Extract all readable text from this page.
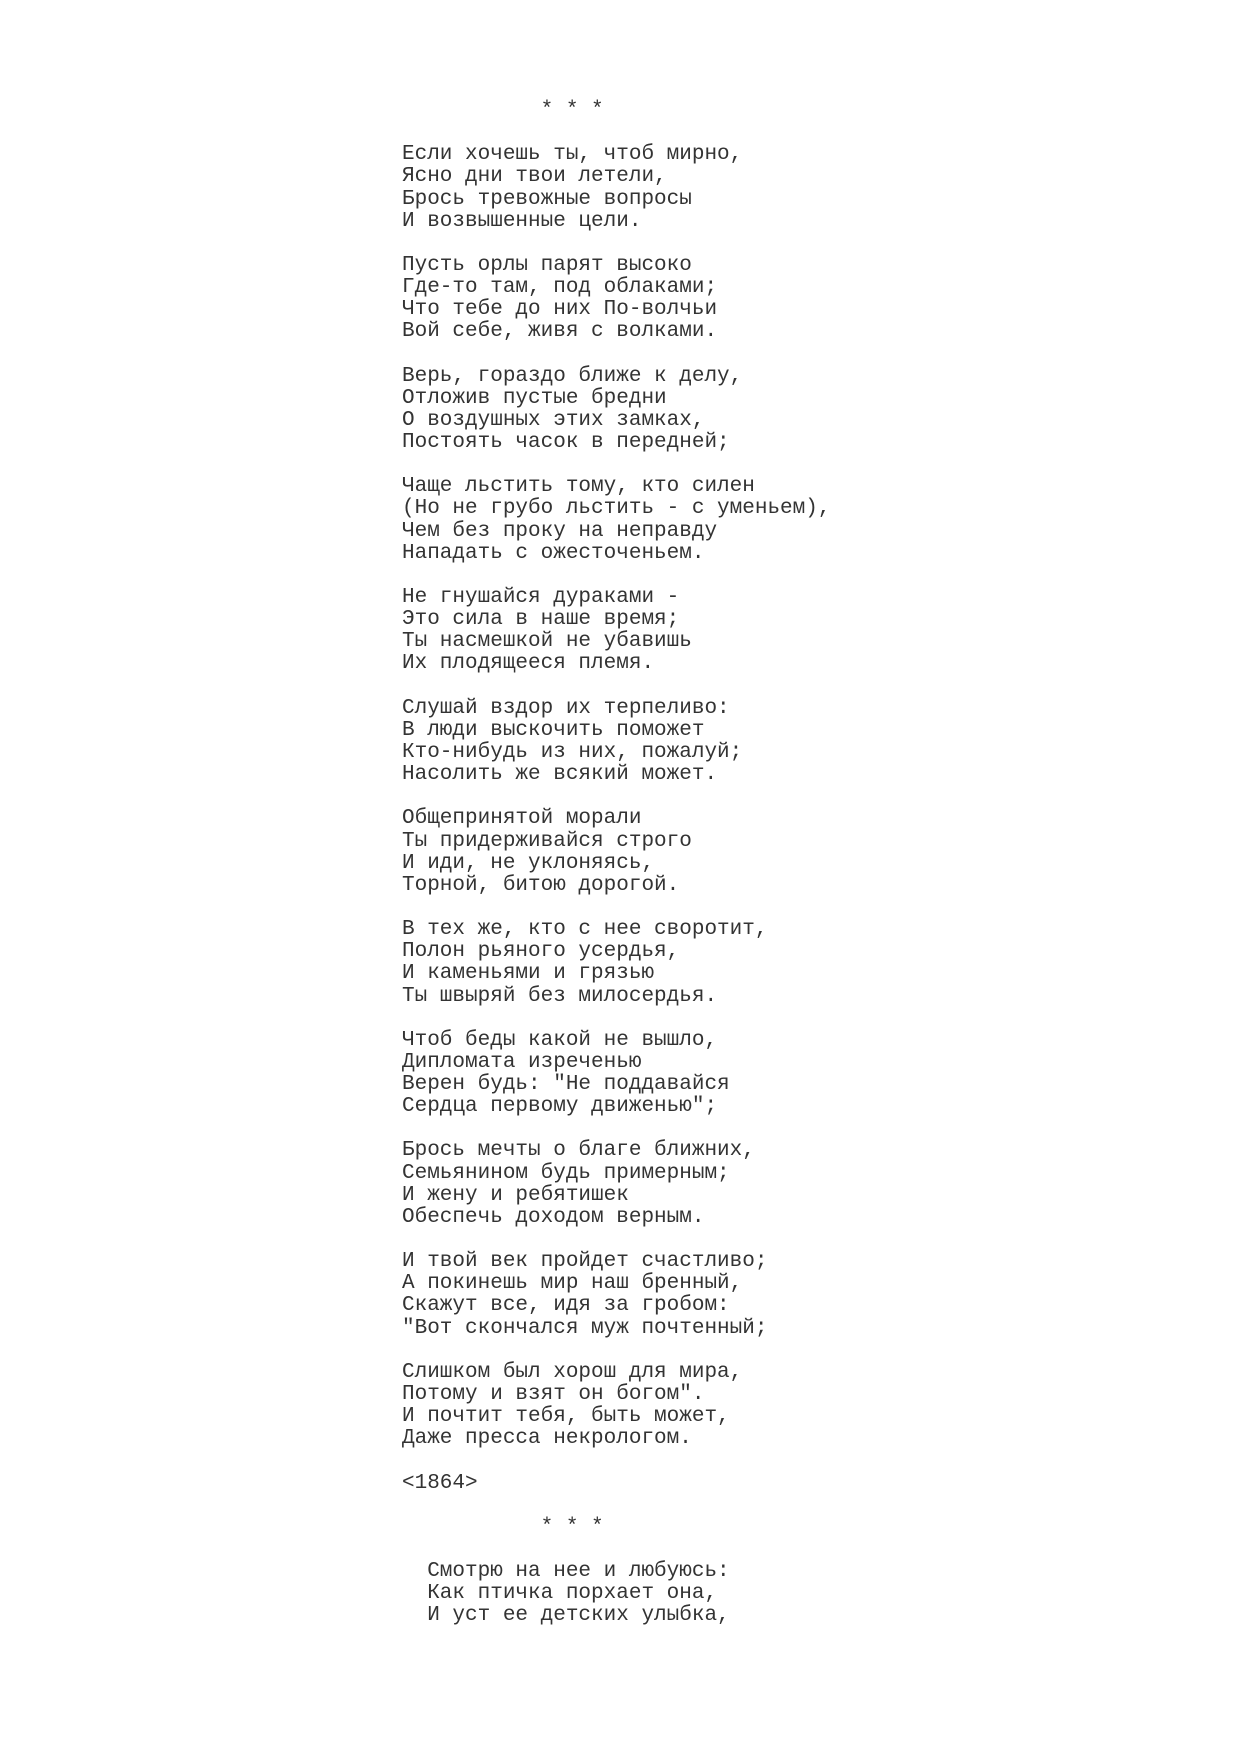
* * *
Если хочешь ты, чтоб мирно,
Ясно дни твои летели,
Брось тревожные вопросы
И возвышенные цели.
Пусть орлы парят высоко
Где-то там, под облаками;
Что тебе до них По-волчьи
Вой себе, живя с волками.
Верь, гораздо ближе к делу,
Отложив пустые бредни
О воздушных этих замках,
Постоять часок в передней;
Чаще льстить тому, кто силен
(Но не грубо льстить - с уменьем),
Чем без проку на неправду
Нападать с ожесточеньем.
Не гнушайся дураками -
Это сила в наше время;
Ты насмешкой не убавишь
Их плодящееся племя.
Слушай вздор их терпеливо:
В люди выскочить поможет
Кто-нибудь из них, пожалуй;
Насолить же всякий может.
Общепринятой морали
Ты придерживайся строго
И иди, не уклоняясь,
Торной, битою дорогой.
В тех же, кто с нее своротит,
Полон рьяного усердья,
И каменьями и грязью
Ты швыряй без милосердья.
Чтоб беды какой не вышло,
Дипломата изреченью
Верен будь: "Не поддавайся
Сердца первому движенью";
Брось мечты о благе ближних,
Семьянином будь примерным;
И жену и ребятишек
Обеспечь доходом верным.
И твой век пройдет счастливо;
А покинешь мир наш бренный,
Скажут все, идя за гробом:
"Вот скончался муж почтенный;
Слишком был хорош для мира,
Потому и взят он богом".
И почтит тебя, быть может,
Даже пресса некрологом.
<1864>
* * *
Смотрю на нее и любуюсь:
Как птичка порхает она,
И уст ее детских улыбка,
